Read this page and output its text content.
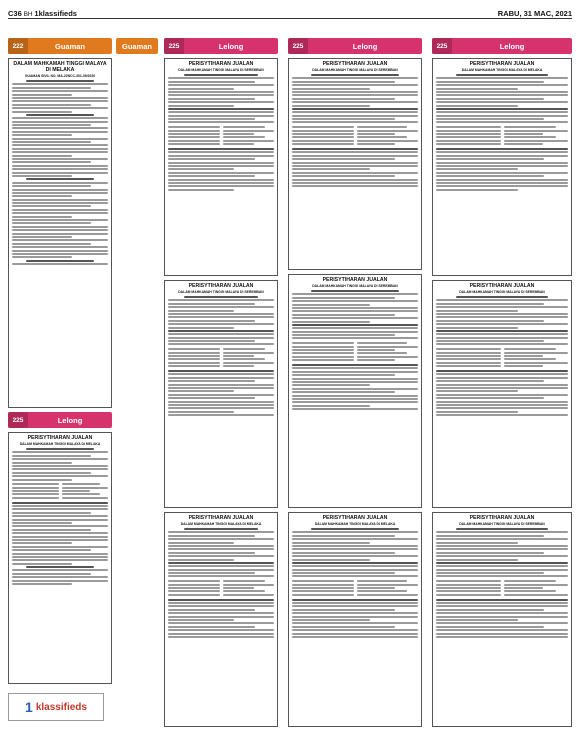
C36 BH 1klassifieds	RABU, 31 MAC, 2021
222	Guaman
DALAM MAHKAMAH TINGGI MALAYA DI MELAKA
GUAMAN SIVIL NO. MA-22NCC-301-09/2020
225	Lelong
PERISYTIHARAN JUALAN
DALAM MAHKAMAH TINGGI MALAYA DI MELAKA
225	Lelong
PERISYTIHARAN JUALAN
DALAM MAHKAMAH TINGGI MALAYA DI SEREMBAN
PERISYTIHARAN JUALAN
DALAM MAHKAMAH TINGGI MALAYA DI SEREMBAN
PERISYTIHARAN JUALAN
DALAM MAHKAMAH TINGGI MALAYA DI MELAKA
225	Lelong
PERISYTIHARAN JUALAN
DALAM MAHKAMAH TINGGI MALAYA DI SEREMBAN
PERISYTIHARAN JUALAN
DALAM MAHKAMAH TINGGI MALAYA DI SEREMBAN
PERISYTIHARAN JUALAN
DALAM MAHKAMAH TINGGI MALAYA DI MELAKA
225	Lelong
PERISYTIHARAN JUALAN
DALAM MAHKAMAH TINGGI MALAYA DI MELAKA
PERISYTIHARAN JUALAN
DALAM MAHKAMAH TINGGI MALAYA DI SEREMBAN
PERISYTIHARAN JUALAN
DALAM MAHKAMAH TINGGI MALAYA DI SEREMBAN
Guaman
1 klassifieds
